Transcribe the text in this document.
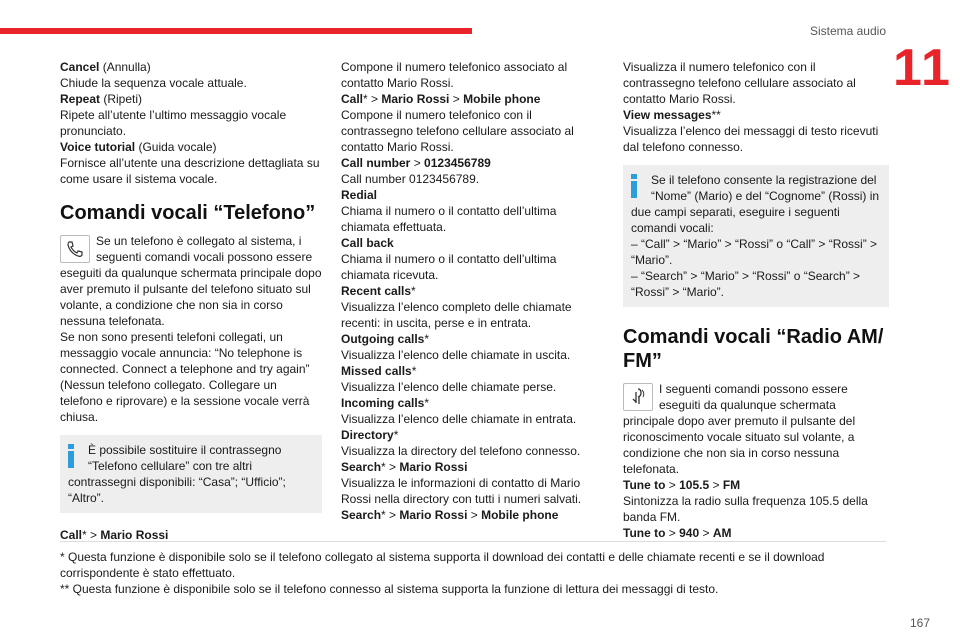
Sistema audio
11

Cancel (Annulla)

Chiude la sequenza vocale attuale.

Repeat (Ripeti)

Ripete all’utente l’ultimo messaggio vocale pronunciato.

Voice tutorial (Guida vocale)

Fornisce all’utente una descrizione dettagliata su come usare il sistema vocale.

Comandi vocali “Telefono”

Se un telefono è collegato al sistema, i seguenti comandi vocali possono essere eseguiti da qualunque schermata principale dopo aver premuto il pulsante del telefono situato sul volante, a condizione che non sia in corso nessuna telefonata.

Se non sono presenti telefoni collegati, un messaggio vocale annuncia: “No telephone is connected. Connect a telephone and try again” (Nessun telefono collegato. Collegare un telefono e riprovare) e la sessione vocale verrà chiusa.

È possibile sostituire il contrassegno “Telefono cellulare” con tre altri contrassegni disponibili: “Casa”; “Ufficio”; “Altro”.

Call* > Mario Rossi

Compone il numero telefonico associato al contatto Mario Rossi.

Call* > Mario Rossi > Mobile phone

Compone il numero telefonico con il contrassegno telefono cellulare associato al contatto Mario Rossi.

Call number > 0123456789

Call number 0123456789.

Redial

Chiama il numero o il contatto dell’ultima chiamata effettuata.

Call back

Chiama il numero o il contatto dell’ultima chiamata ricevuta.

Recent calls*

Visualizza l’elenco completo delle chiamate recenti: in uscita, perse e in entrata.

Outgoing calls*

Visualizza l’elenco delle chiamate in uscita.

Missed calls*

Visualizza l’elenco delle chiamate perse.

Incoming calls*

Visualizza l’elenco delle chiamate in entrata.

Directory*

Visualizza la directory del telefono connesso.

Search* > Mario Rossi

Visualizza le informazioni di contatto di Mario Rossi nella directory con tutti i numeri salvati.

Search* > Mario Rossi > Mobile phone

Visualizza il numero telefonico con il contrassegno telefono cellulare associato al contatto Mario Rossi.

View messages**

Visualizza l’elenco dei messaggi di testo ricevuti dal telefono connesso.

Se il telefono consente la registrazione del “Nome” (Mario) e del “Cognome” (Rossi) in due campi separati, eseguire i seguenti comandi vocali:

– “Call” > “Mario” > “Rossi” o “Call” > “Rossi” > “Mario”.

– “Search” > “Mario” > “Rossi” o “Search” > “Rossi” > “Mario”.

Comandi vocali “Radio AM/ FM”

I seguenti comandi possono essere eseguiti da qualunque schermata principale dopo aver premuto il pulsante del riconoscimento vocale situato sul volante, a condizione che non sia in corso nessuna telefonata.

Tune to > 105.5 > FM

Sintonizza la radio sulla frequenza 105.5 della banda FM.

Tune to > 940 > AM

* Questa funzione è disponibile solo se il telefono collegato al sistema supporta il download dei contatti e delle chiamate recenti e se il download corrispondente è stato effettuato.

** Questa funzione è disponibile solo se il telefono connesso al sistema supporta la funzione di lettura dei messaggi di testo.

167
